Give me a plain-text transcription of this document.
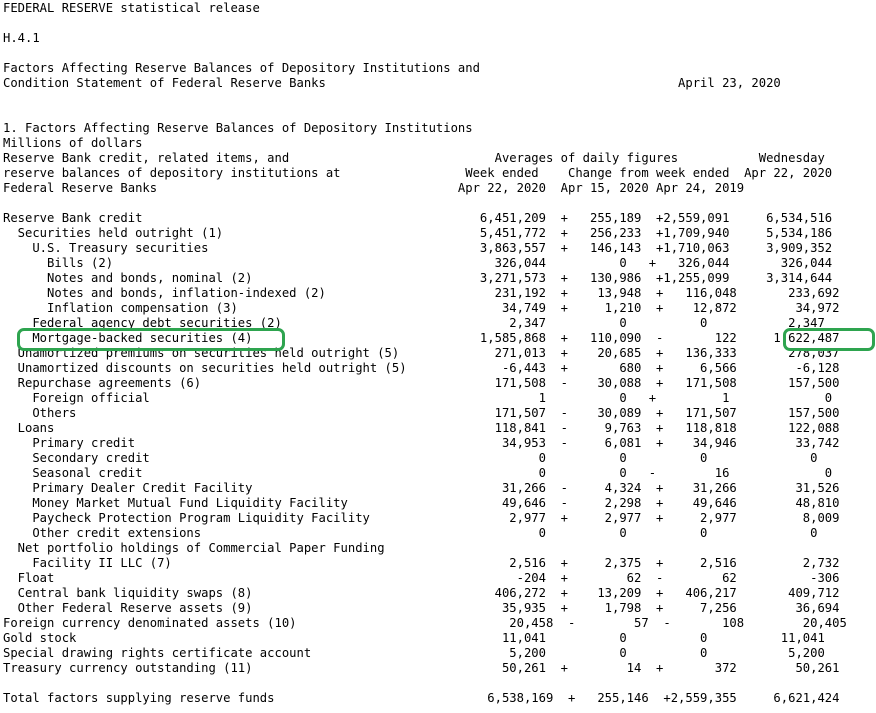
FEDERAL RESERVE statistical release
H.4.1
Factors Affecting Reserve Balances of Depository Institutions and
Condition Statement of Federal Reserve Banks                                                April 23, 2020
1. Factors Affecting Reserve Balances of Depository Institutions
Millions of dollars
Reserve Bank credit, related items, and                            Averages of daily figures           Wednesday
reserve balances of depository institutions at                 Week ended    Change from week ended  Apr 22, 2020
Federal Reserve Banks                                         Apr 22, 2020  Apr 15, 2020 Apr 24, 2019
Reserve Bank credit                                              6,451,209  +   255,189  +2,559,091     6,534,516
Securities held outright (1)                                   5,451,772  +   256,233  +1,709,940     5,534,186
U.S. Treasury securities                                     3,863,557  +   146,143  +1,710,063     3,909,352
Bills (2)                                                    326,044          0   +   326,044       326,044
Notes and bonds, nominal (2)                               3,271,573  +   130,986  +1,255,099     3,314,644
Notes and bonds, inflation-indexed (2)                       231,192  +    13,948  +   116,048       233,692
Inflation compensation (3)                                    34,749  +     1,210  +    12,872        34,972
Federal agency debt securities (2)                               2,347          0          0           2,347
Mortgage-backed securities (4)                               1,585,868  +   110,090  -       122     1,622,487
Unamortized premiums on securities held outright (5)             271,013  +    20,685  +   136,333       278,037
Unamortized discounts on securities held outright (5)             -6,443  +       680  +     6,566        -6,128
Repurchase agreements (6)                                        171,508  -    30,088  +   171,508       157,500
Foreign official                                                     1          0   +         1             0
Others                                                         171,507  -    30,089  +   171,507       157,500
Loans                                                            118,841  -     9,763  +   118,818       122,088
Primary credit                                                  34,953  -     6,081  +    34,946        33,742
Secondary credit                                                     0          0          0              0
Seasonal credit                                                      0          0   -        16             0
Primary Dealer Credit Facility                                  31,266  -     4,324  +    31,266        31,526
Money Market Mutual Fund Liquidity Facility                     49,646  -     2,298  +    49,646        48,810
Paycheck Protection Program Liquidity Facility                   2,977  +     2,977  +     2,977         8,009
Other credit extensions                                              0          0          0              0
Net portfolio holdings of Commercial Paper Funding
Facility II LLC (7)                                              2,516  +     2,375  +     2,516         2,732
Float                                                               -204  +        62  -        62          -306
Central bank liquidity swaps (8)                                 406,272  +    13,209  +   406,217       409,712
Other Federal Reserve assets (9)                                  35,935  +     1,798  +     7,256        36,694
Foreign currency denominated assets (10)                             20,458  -        57  -       108        20,405
Gold stock                                                          11,041          0          0          11,041
Special drawing rights certificate account                           5,200          0          0           5,200
Treasury currency outstanding (11)                                  50,261  +        14  +       372        50,261
Total factors supplying reserve funds                             6,538,169  +   255,146  +2,559,355     6,621,424
